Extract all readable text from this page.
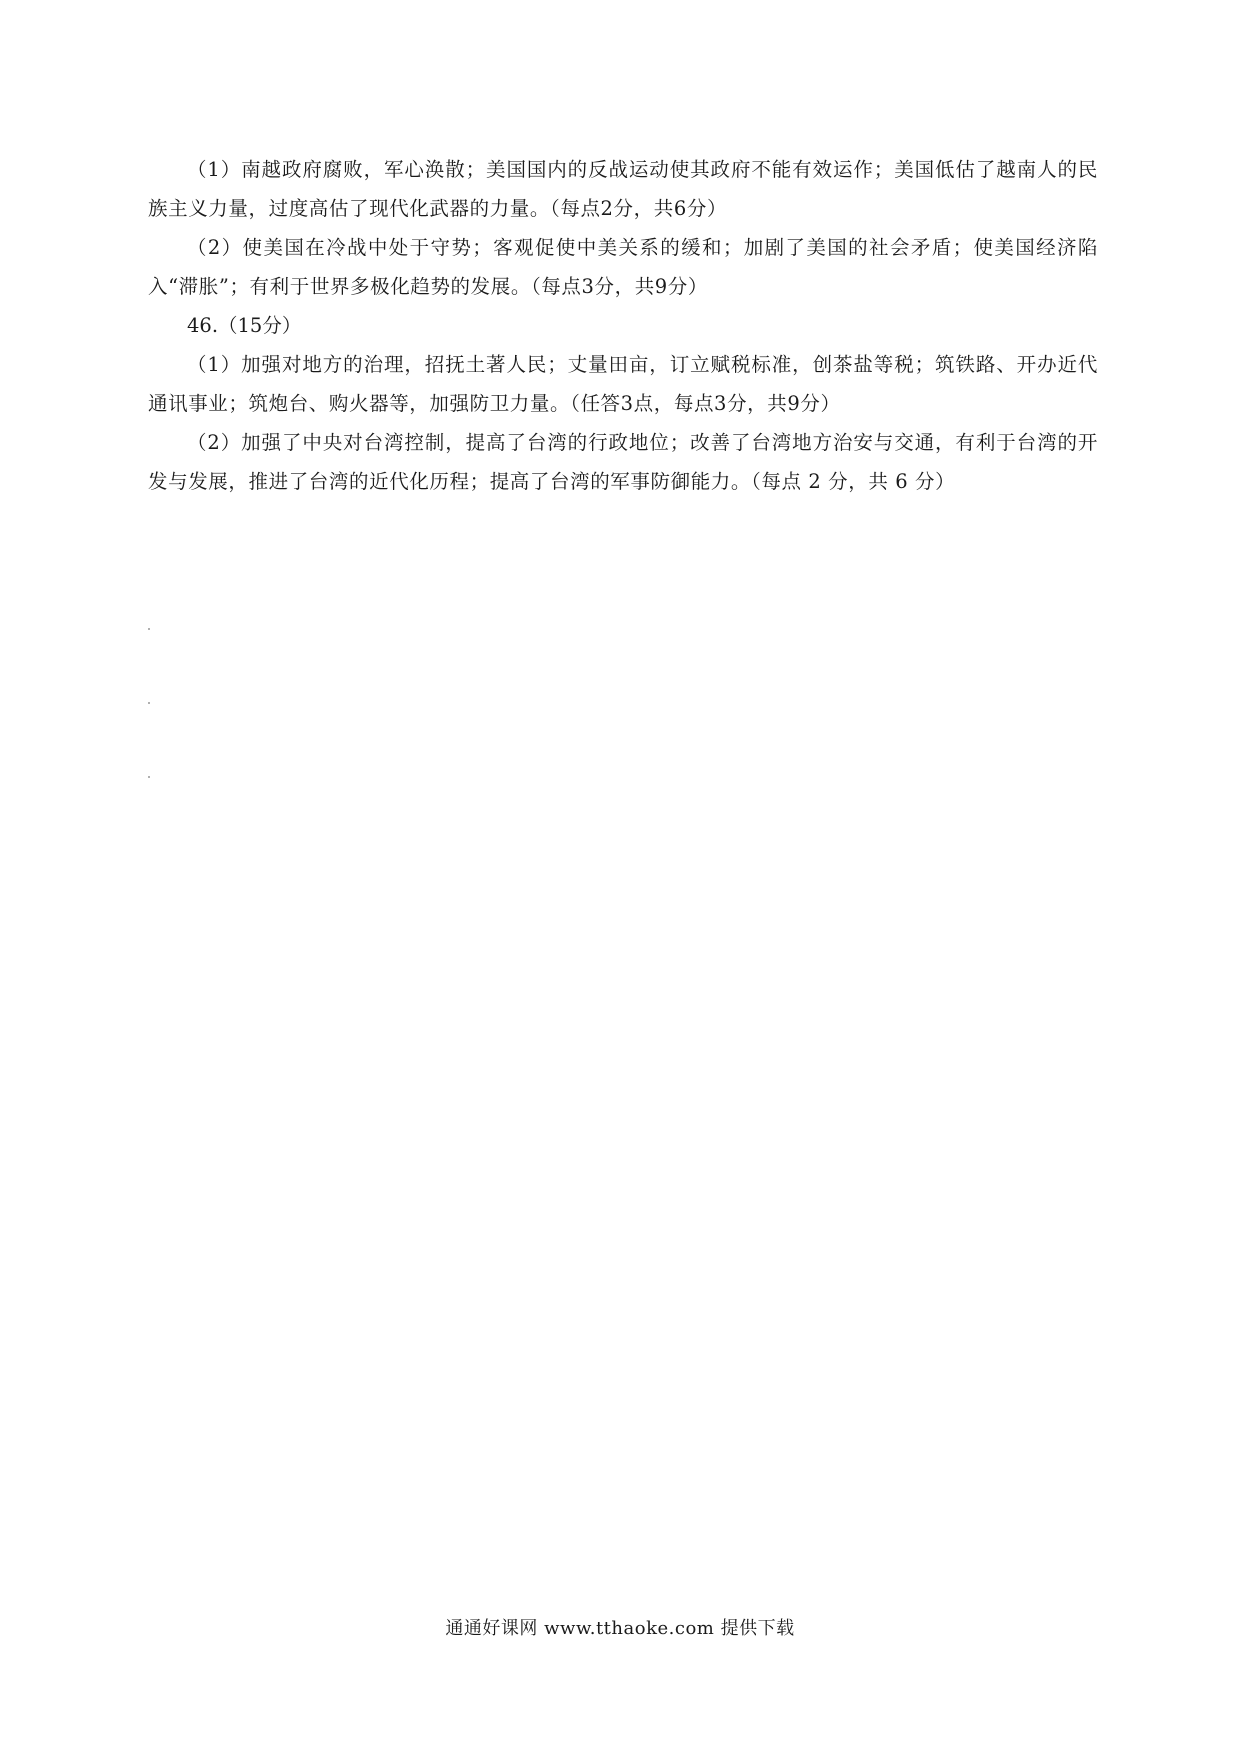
（1）南越政府腐败，军心涣散；美国国内的反战运动使其政府不能有效运作；美国低估了越南人的民族主义力量，过度高估了现代化武器的力量。（每点2分，共6分）

（2）使美国在冷战中处于守势；客观促使中美关系的缓和；加剧了美国的社会矛盾；使美国经济陷入“滞胀”；有利于世界多极化趋势的发展。（每点3分，共9分）

46.（15分）

（1）加强对地方的治理，招抚土著人民；丈量田亩，订立赋税标准，创茶盐等税；筑铁路、开办近代通讯事业；筑炮台、购火器等，加强防卫力量。（任答3点，每点3分，共9分）

（2）加强了中央对台湾控制，提高了台湾的行政地位；改善了台湾地方治安与交通，有利于台湾的开发与发展，推进了台湾的近代化历程；提高了台湾的军事防御能力。（每点 2 分，共 6 分）

通通好课网 www.tthaoke.com 提供下载
